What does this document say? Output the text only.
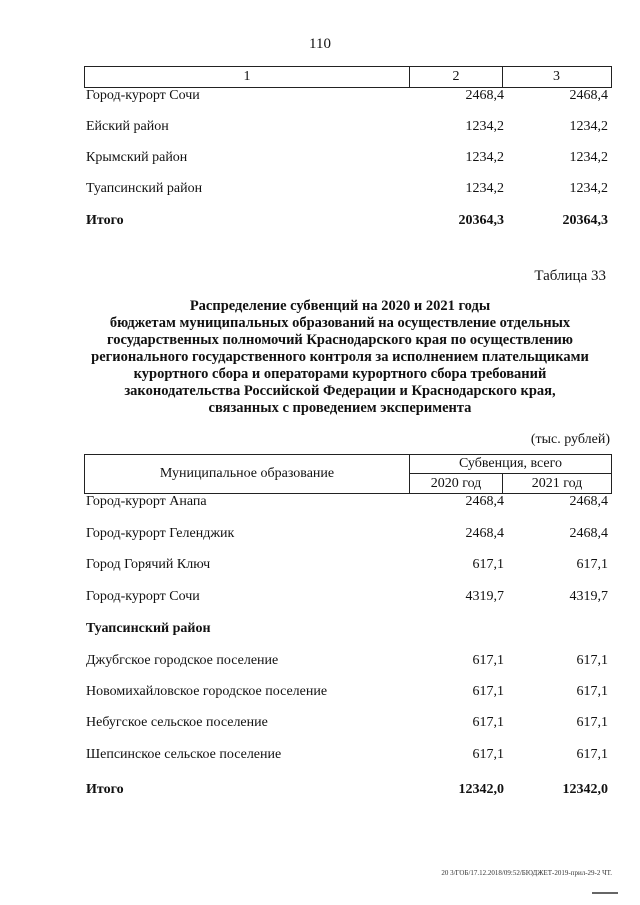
110
1	2	3
Город-курорт Сочи	2468,4	2468,4
Ейский район	1234,2	1234,2
Крымский район	1234,2	1234,2
Туапсинский район	1234,2	1234,2
Итого	20364,3	20364,3
Таблица 33
Распределение субвенций на 2020 и 2021 годы
бюджетам муниципальных образований на осуществление отдельных
государственных полномочий Краснодарского края по осуществлению
регионального государственного контроля за исполнением плательщиками
курортного сбора и операторами курортного сбора требований
законодательства Российской Федерации и Краснодарского края,
связанных с проведением эксперимента
(тыс. рублей)
Муниципальное образование
Субвенция, всего
2020 год	2021 год
Город-курорт Анапа	2468,4	2468,4
Город-курорт Геленджик	2468,4	2468,4
Город Горячий Ключ	617,1	617,1
Город-курорт Сочи	4319,7	4319,7
Туапсинский район
Джубгское городское поселение	617,1	617,1
Новомихайловское городское поселение	617,1	617,1
Небугское сельское поселение	617,1	617,1
Шепсинское сельское поселение	617,1	617,1
Итого	12342,0	12342,0
20 3/ГОБ/17.12.2018/09:52/БЮДЖЕТ-2019-прил-29-2 ЧТ.
